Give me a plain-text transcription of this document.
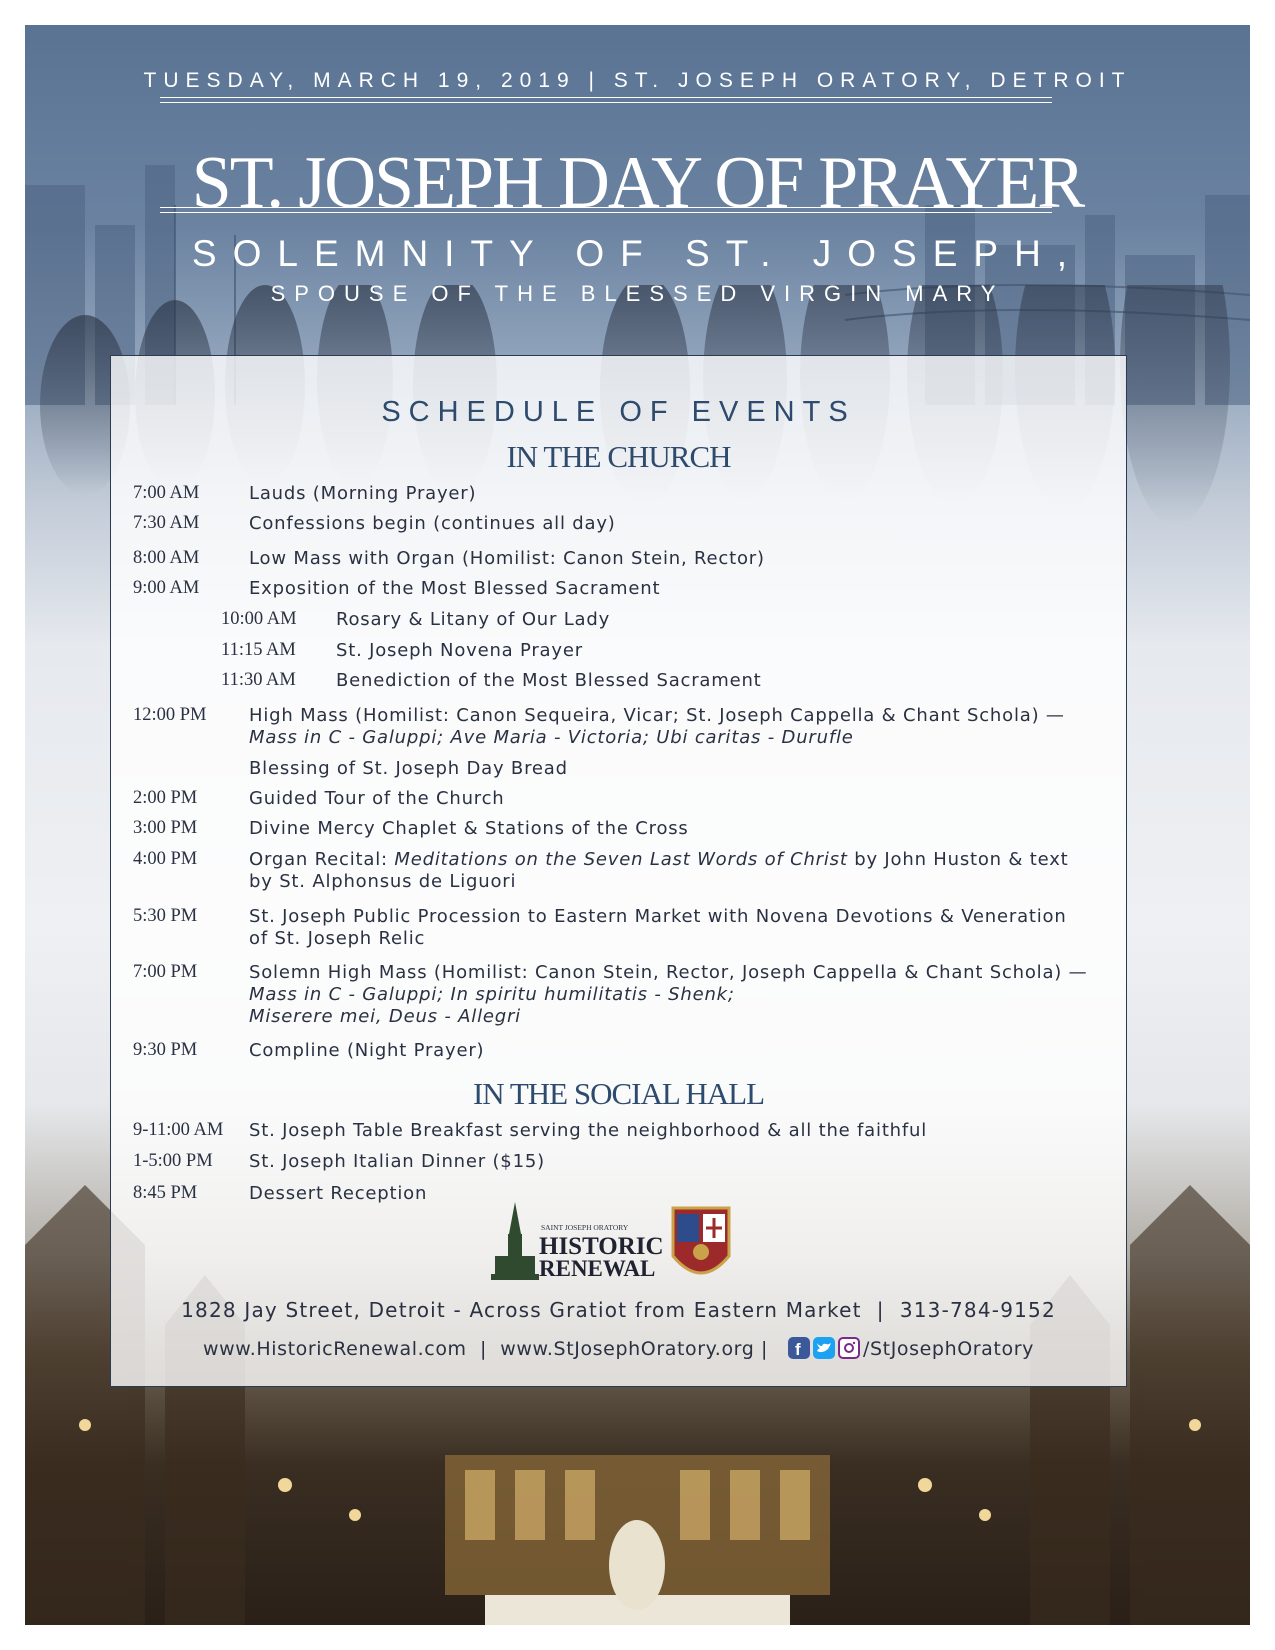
TUESDAY, MARCH 19, 2019 | ST. JOSEPH ORATORY, DETROIT
ST. JOSEPH DAY OF PRAYER
SOLEMNITY OF ST. JOSEPH,
SPOUSE OF THE BLESSED VIRGIN MARY
SCHEDULE OF EVENTS
IN THE CHURCH
7:00 AM	Lauds (Morning Prayer)
7:30 AM	Confessions begin (continues all day)
8:00 AM	Low Mass with Organ (Homilist: Canon Stein, Rector)
9:00 AM	Exposition of the Most Blessed Sacrament
10:00 AM Rosary & Litany of Our Lady
11:15 AM St. Joseph Novena Prayer
11:30 AM Benediction of the Most Blessed Sacrament
12:00 PM High Mass (Homilist: Canon Sequeira, Vicar; St. Joseph Cappella & Chant Schola) — Mass in C - Galuppi; Ave Maria - Victoria; Ubi caritas - Durufle
Blessing of St. Joseph Day Bread
2:00 PM	Guided Tour of the Church
3:00 PM	Divine Mercy Chaplet & Stations of the Cross
4:00 PM	Organ Recital: Meditations on the Seven Last Words of Christ by John Huston & text by St. Alphonsus de Liguori
5:30 PM	St. Joseph Public Procession to Eastern Market with Novena Devotions & Veneration of St. Joseph Relic
7:00 PM	Solemn High Mass (Homilist: Canon Stein, Rector, Joseph Cappella & Chant Schola) — Mass in C - Galuppi; In spiritu humilitatis - Shenk;
Miserere mei, Deus - Allegri
9:30 PM	Compline (Night Prayer)
IN THE SOCIAL HALL
9-11:00 AM St. Joseph Table Breakfast serving the neighborhood & all the faithful
1-5:00 PM St. Joseph Italian Dinner ($15)
8:45 PM	Dessert Reception
SAINT JOSEPH ORATORY
HISTORIC
RENEWAL
1828 Jay Street, Detroit - Across Gratiot from Eastern Market  |  313-784-9152
www.HistoricRenewal.com | www.StJosephOratory.org | f	/StJosephOratory
